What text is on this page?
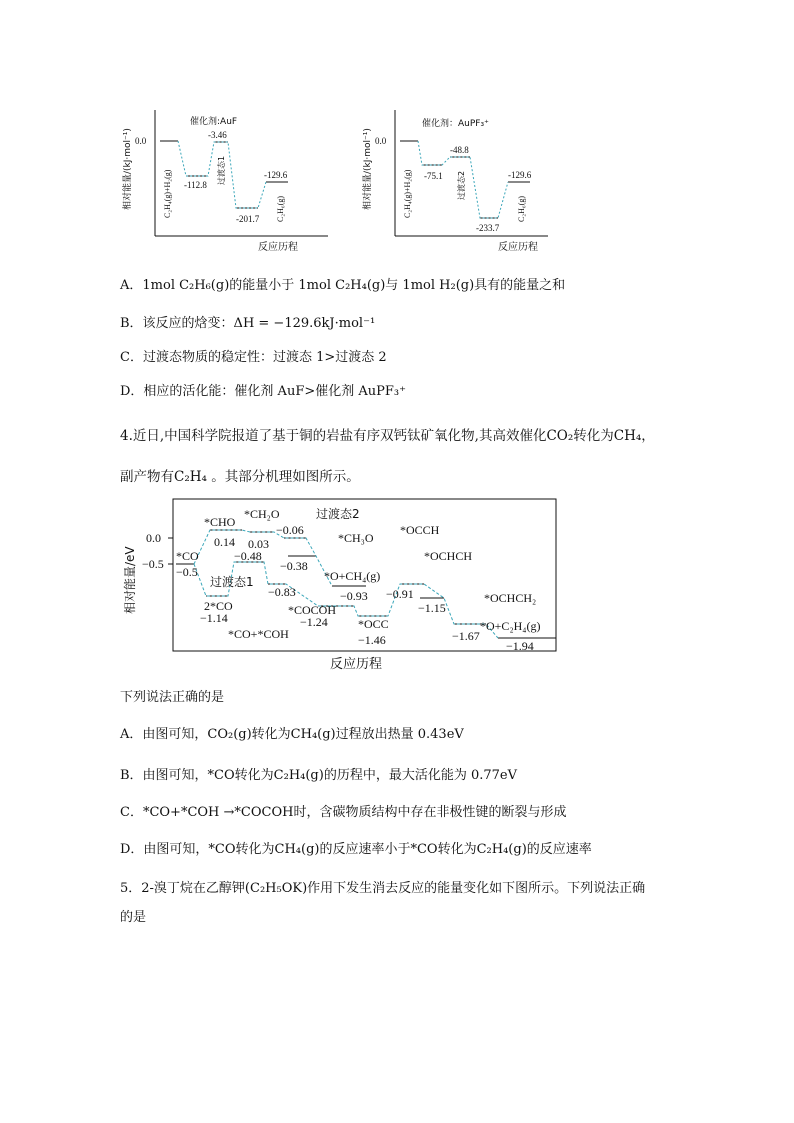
相对能量/(kJ·mol⁻¹) 0.0
催化剂:AuF
-112.8
-3.46
-201.7
-129.6
C₂H₄(g)+H₂(g)	过渡态1
C₂H₆(g)
反应历程
相对能量/(kJ·mol⁻¹) 0.0
催化剂：AuPF₃⁺
-75.1
-48.8
-233.7
-129.6
C₂H₄(g)+H₂(g)	过渡态2
C₂H₆(g)
反应历程
A．1mol C₂H₆(g)的能量小于 1mol C₂H₄(g)与 1mol H₂(g)具有的能量之和
B．该反应的焓变：ΔH = −129.6kJ·mol⁻¹
C．过渡态物质的稳定性：过渡态 1>过渡态 2
D．相应的活化能：催化剂 AuF>催化剂 AuPF₃⁺
4.近日,中国科学院报道了基于铜的岩盐有序双钙钛矿氧化物,其高效催化CO₂转化为CH₄，
副产物有C₂H₄ 。其部分机理如图所示。
相对能量/eV
0.0
−0.5
*CO
*CHO
*CH₂O	过渡态2
*CH₃O
*OCCH
*OCHCH
2*CO
过渡态1
*CO+*COH
*COCOH
*O+CH₄(g)
*OCC
*OCHCH₂
*O+C₂H₄(g)
−0.5
0.14 0.03
−0.06
−0.48
−0.38
−0.83
−1.14	−1.24
−0.93
−1.46
−0.91
−1.15
−1.67
−1.94
反应历程
下列说法正确的是
A．由图可知，CO₂(g)转化为CH₄(g)过程放出热量 0.43eV
B．由图可知，*CO转化为C₂H₄(g)的历程中，最大活化能为 0.77eV
C．*CO+*COH →*COCOH时，含碳物质结构中存在非极性键的断裂与形成
D．由图可知，*CO转化为CH₄(g)的反应速率小于*CO转化为C₂H₄(g)的反应速率
5．2-溴丁烷在乙醇钾(C₂H₅OK)作用下发生消去反应的能量变化如下图所示。下列说法正确
的是
